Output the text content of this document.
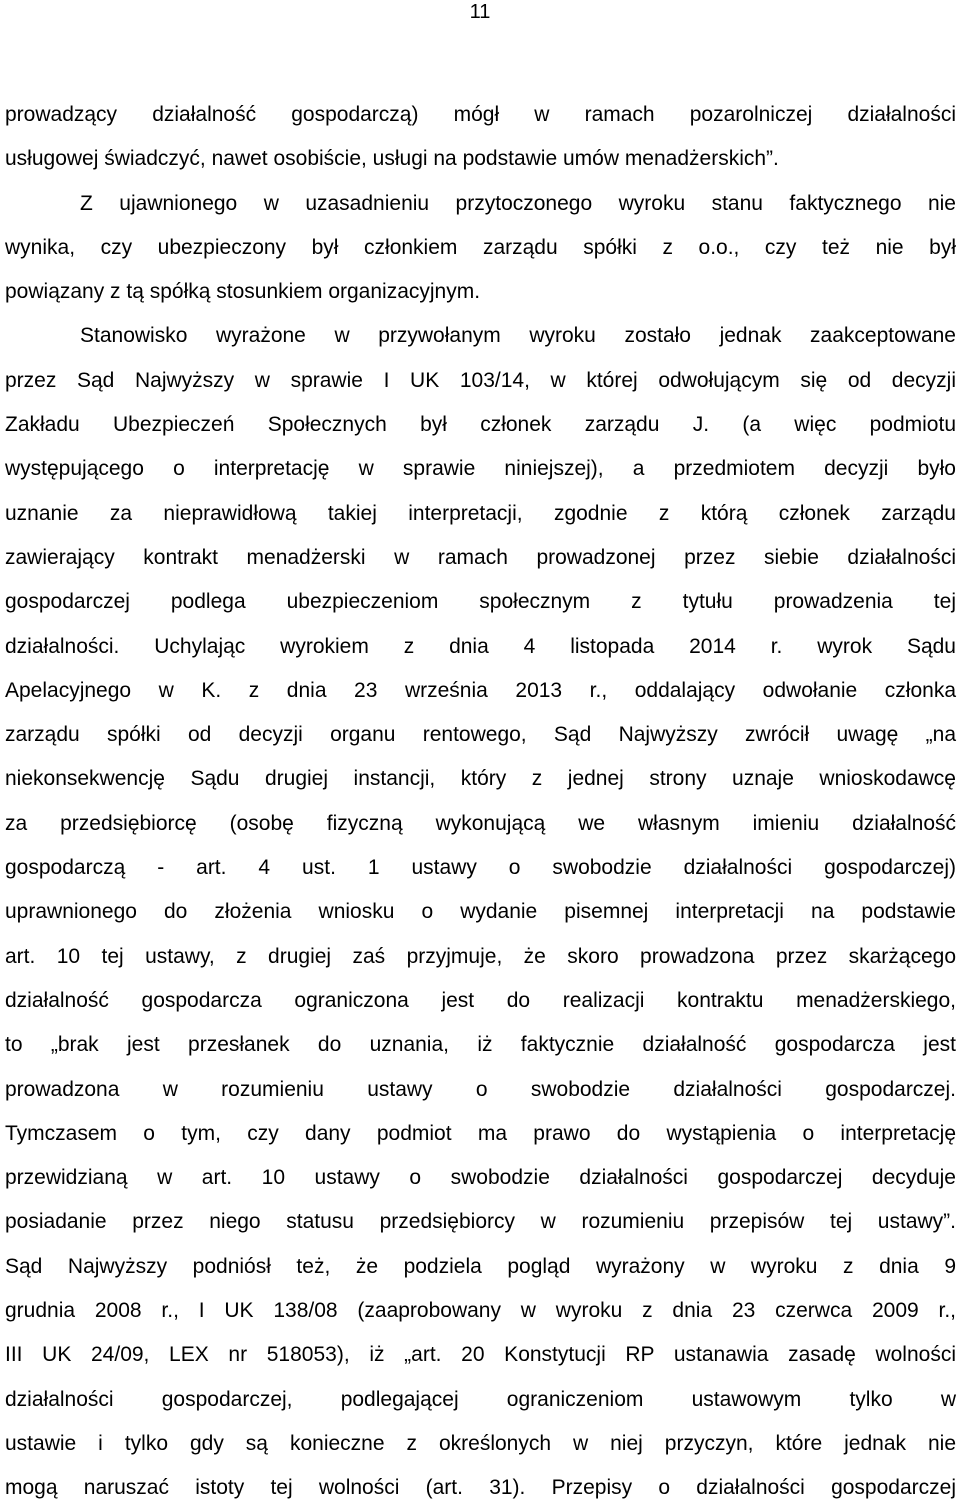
11
prowadzący działalność gospodarczą) mógł w ramach pozarolniczej działalności
usługowej świadczyć, nawet osobiście, usługi na podstawie umów menadżerskich”.
Z ujawnionego w uzasadnieniu przytoczonego wyroku stanu faktycznego nie
wynika, czy ubezpieczony był członkiem zarządu spółki z o.o., czy też nie był
powiązany z tą spółką stosunkiem organizacyjnym.
Stanowisko wyrażone w przywołanym wyroku zostało jednak zaakceptowane
przez Sąd Najwyższy w sprawie I UK 103/14, w której odwołującym się od decyzji
Zakładu Ubezpieczeń Społecznych był członek zarządu J. (a więc podmiotu
występującego o interpretację w sprawie niniejszej), a przedmiotem decyzji było
uznanie za nieprawidłową takiej interpretacji, zgodnie z którą członek zarządu
zawierający kontrakt menadżerski w ramach prowadzonej przez siebie działalności
gospodarczej podlega ubezpieczeniom społecznym z tytułu prowadzenia tej
działalności. Uchylając wyrokiem z dnia 4 listopada 2014 r. wyrok Sądu
Apelacyjnego w K. z dnia 23 września 2013 r., oddalający odwołanie członka
zarządu spółki od decyzji organu rentowego, Sąd Najwyższy zwrócił uwagę „na
niekonsekwencję Sądu drugiej instancji, który z jednej strony uznaje wnioskodawcę
za przedsiębiorcę (osobę fizyczną wykonującą we własnym imieniu działalność
gospodarczą - art. 4 ust. 1 ustawy o swobodzie działalności gospodarczej)
uprawnionego do złożenia wniosku o wydanie pisemnej interpretacji na podstawie
art. 10 tej ustawy, z drugiej zaś przyjmuje, że skoro prowadzona przez skarżącego
działalność gospodarcza ograniczona jest do realizacji kontraktu menadżerskiego,
to „brak jest przesłanek do uznania, iż faktycznie działalność gospodarcza jest
prowadzona w rozumieniu ustawy o swobodzie działalności gospodarczej.
Tymczasem o tym, czy dany podmiot ma prawo do wystąpienia o interpretację
przewidzianą w art. 10 ustawy o swobodzie działalności gospodarczej decyduje
posiadanie przez niego statusu przedsiębiorcy w rozumieniu przepisów tej ustawy”.
Sąd Najwyższy podniósł też, że podziela pogląd wyrażony w wyroku z dnia 9
grudnia 2008 r., I UK 138/08 (zaaprobowany w wyroku z dnia 23 czerwca 2009 r.,
III UK 24/09, LEX nr 518053), iż „art. 20 Konstytucji RP ustanawia zasadę wolności
działalności gospodarczej, podlegającej ograniczeniom ustawowym tylko w
ustawie i tylko gdy są konieczne z określonych w niej przyczyn, które jednak nie
mogą naruszać istoty tej wolności (art. 31). Przepisy o działalności gospodarczej
